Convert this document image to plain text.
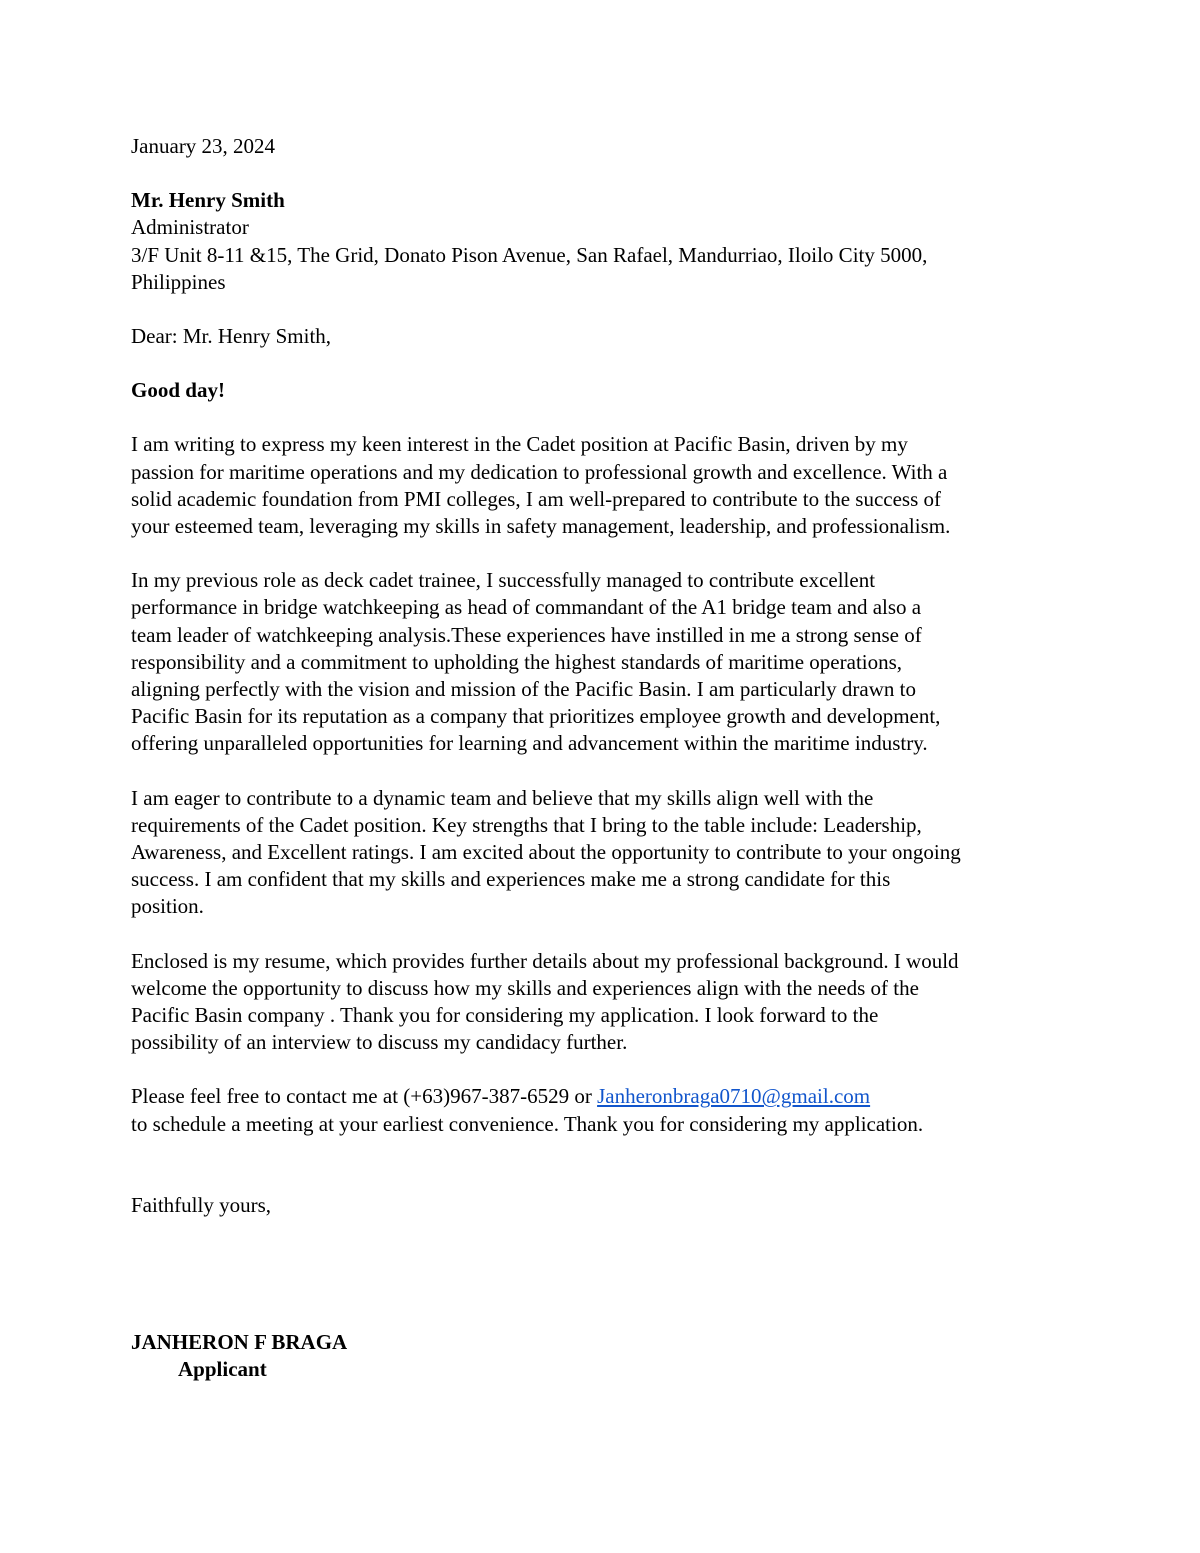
January 23, 2024
Mr. Henry Smith
Administrator
3/F Unit 8-11 &15, The Grid, Donato Pison Avenue, San Rafael, Mandurriao, Iloilo City 5000,
Philippines
Dear: Mr. Henry Smith,
Good day!
I am writing to express my keen interest in the Cadet position at Pacific Basin, driven by my
passion for maritime operations and my dedication to professional growth and excellence. With a
solid academic foundation from PMI colleges, I am well-prepared to contribute to the success of
your esteemed team, leveraging my skills in safety management, leadership, and professionalism.
In my previous role as deck cadet trainee, I successfully managed to contribute excellent
performance in bridge watchkeeping as head of commandant of the A1 bridge team and also a
team leader of watchkeeping analysis.These experiences have instilled in me a strong sense of
responsibility and a commitment to upholding the highest standards of maritime operations,
aligning perfectly with the vision and mission of the Pacific Basin. I am particularly drawn to
Pacific Basin for its reputation as a company that prioritizes employee growth and development,
offering unparalleled opportunities for learning and advancement within the maritime industry.
I am eager to contribute to a dynamic team and believe that my skills align well with the
requirements of the Cadet position. Key strengths that I bring to the table include: Leadership,
Awareness, and Excellent ratings. I am excited about the opportunity to contribute to your ongoing
success. I am confident that my skills and experiences make me a strong candidate for this
position.
Enclosed is my resume, which provides further details about my professional background. I would
welcome the opportunity to discuss how my skills and experiences align with the needs of the
Pacific Basin company . Thank you for considering my application. I look forward to the
possibility of an interview to discuss my candidacy further.
Please feel free to contact me at (+63)967-387-6529 or Janheronbraga0710@gmail.com
to schedule a meeting at your earliest convenience. Thank you for considering my application.
Faithfully yours,
JANHERON F BRAGA
Applicant
